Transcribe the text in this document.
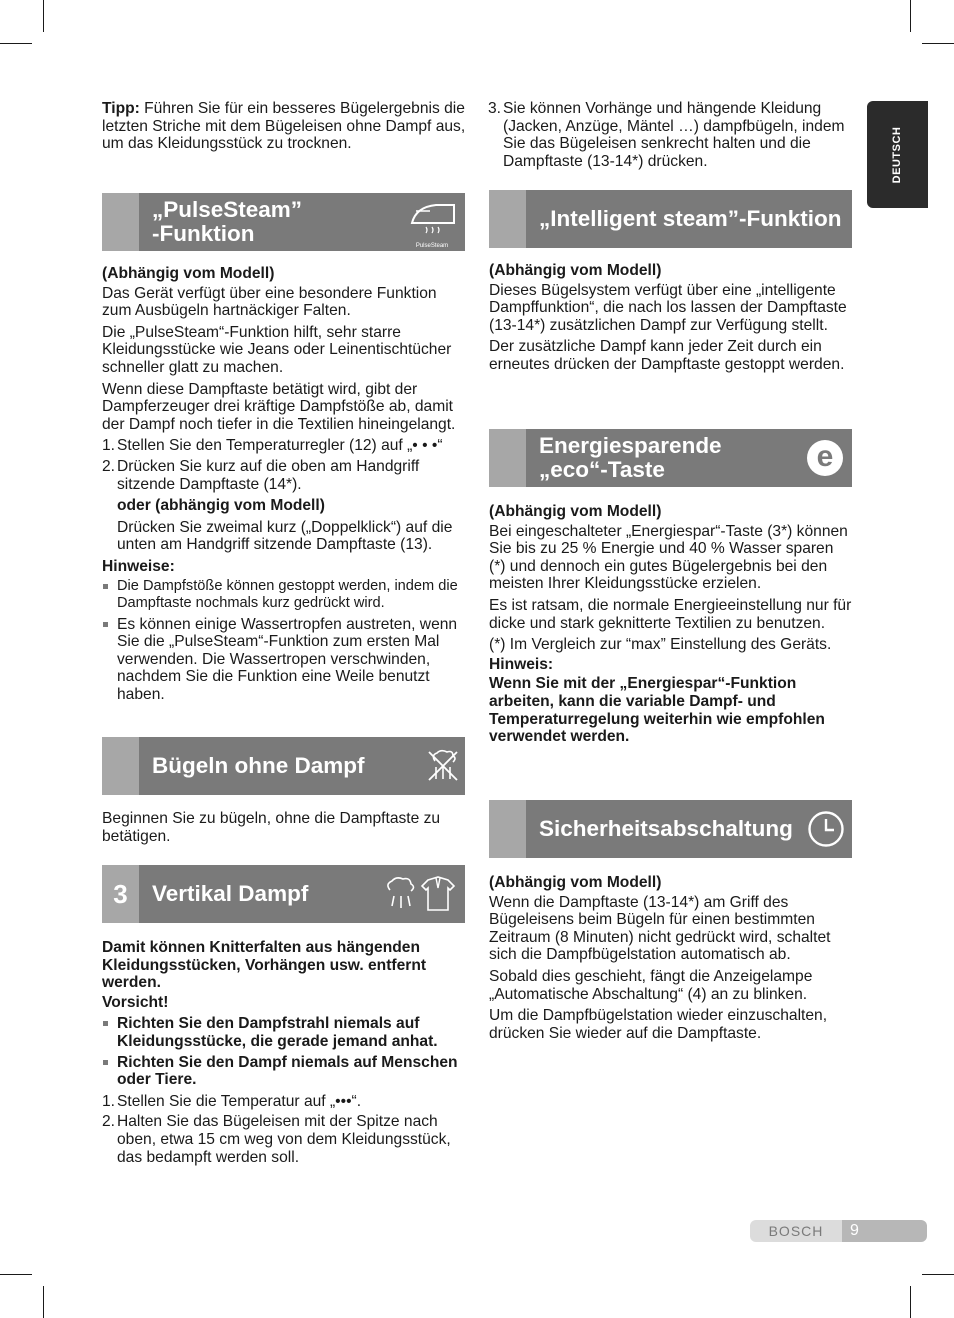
DEUTSCH

Tipp: Führen Sie für ein besseres Bügelergebnis die letzten Striche mit dem Bügeleisen ohne Dampf aus, um das Kleidungsstück zu trocknen.

„PulseSteam”
-Funktion	PulseSteam

(Abhängig vom Modell)

Das Gerät verfügt über eine besondere Funktion zum Ausbügeln hartnäckiger Falten.

Die „PulseSteam“-Funktion hilft, sehr starre Kleidungsstücke wie Jeans oder Leinentischtücher schneller glatt zu machen.

Wenn diese Dampftaste betätigt wird, gibt der Dampferzeuger drei kräftige Dampfstöße ab, damit der Dampf noch tiefer in die Textilien hineingelangt.

1. Stellen Sie den Temperaturregler (12) auf „• • •“
2. Drücken Sie kurz auf die oben am Handgriff sitzende Dampftaste (14*).

oder (abhängig vom Modell)

Drücken Sie zweimal kurz („Doppelklick“) auf die unten am Handgriff sitzende Dampftaste (13).

Hinweise:

Die Dampfstöße können gestoppt werden, indem die Dampftaste nochmals kurz gedrückt wird.
Es können einige Wassertropfen austreten, wenn Sie die „PulseSteam“-Funktion zum ersten Mal verwenden. Die Wassertropen verschwinden, nachdem Sie die Funktion eine Weile benutzt haben.
Bügeln ohne Dampf

Beginnen Sie zu bügeln, ohne die Dampftaste zu betätigen.

3	Vertikal Dampf

Damit können Knitterfalten aus hängenden Kleidungsstücken, Vorhängen usw. entfernt werden.

Vorsicht!

Richten Sie den Dampfstrahl niemals auf Kleidungsstücke, die gerade jemand anhat.
Richten Sie den Dampf niemals auf Menschen oder Tiere.
1. Stellen Sie die Temperatur auf „•••“.
2. Halten Sie das Bügeleisen mit der Spitze nach oben, etwa 15 cm weg von dem Kleidungsstück, das bedampft werden soll.
3. Sie können Vorhänge und hängende Kleidung (Jacken, Anzüge, Mäntel …) dampfbügeln, indem Sie das Bügeleisen senkrecht halten und die Dampftaste (13-14*) drücken.
„Intelligent steam”-Funktion

(Abhängig vom Modell)

Dieses Bügelsystem verfügt über eine „intelligente Dampffunktion“, die nach los lassen der Dampftaste (13-14*) zusätzlichen Dampf zur Verfügung stellt.

Der zusätzliche Dampf kann jeder Zeit durch ein erneutes drücken der Dampftaste gestoppt werden.

Energiesparende
„eco“-Taste	e

(Abhängig vom Modell)

Bei eingeschalteter „Energiespar“-Taste (3*) können Sie bis zu 25 % Energie und 40 % Wasser sparen (*) und dennoch ein gutes Bügelergebnis bei den meisten Ihrer Kleidungsstücke erzielen.

Es ist ratsam, die normale Energieeinstellung nur für dicke und stark geknitterte Textilien zu benutzen.

(*) Im Vergleich zur “max” Einstellung des Geräts.

Hinweis:

Wenn Sie mit der „Energiespar“-Funktion arbeiten, kann die variable Dampf- und Temperaturregelung weiterhin wie empfohlen verwendet werden.

Sicherheitsabschaltung

(Abhängig vom Modell)

Wenn die Dampftaste (13-14*) am Griff des Bügeleisens beim Bügeln für einen bestimmten Zeitraum (8 Minuten) nicht gedrückt wird, schaltet sich die Dampfbügelstation automatisch ab.

Sobald dies geschieht, fängt die Anzeigelampe „Automatische Abschaltung“ (4) an zu blinken.

Um die Dampfbügelstation wieder einzuschalten, drücken Sie wieder auf die Dampftaste.

BOSCH	9
